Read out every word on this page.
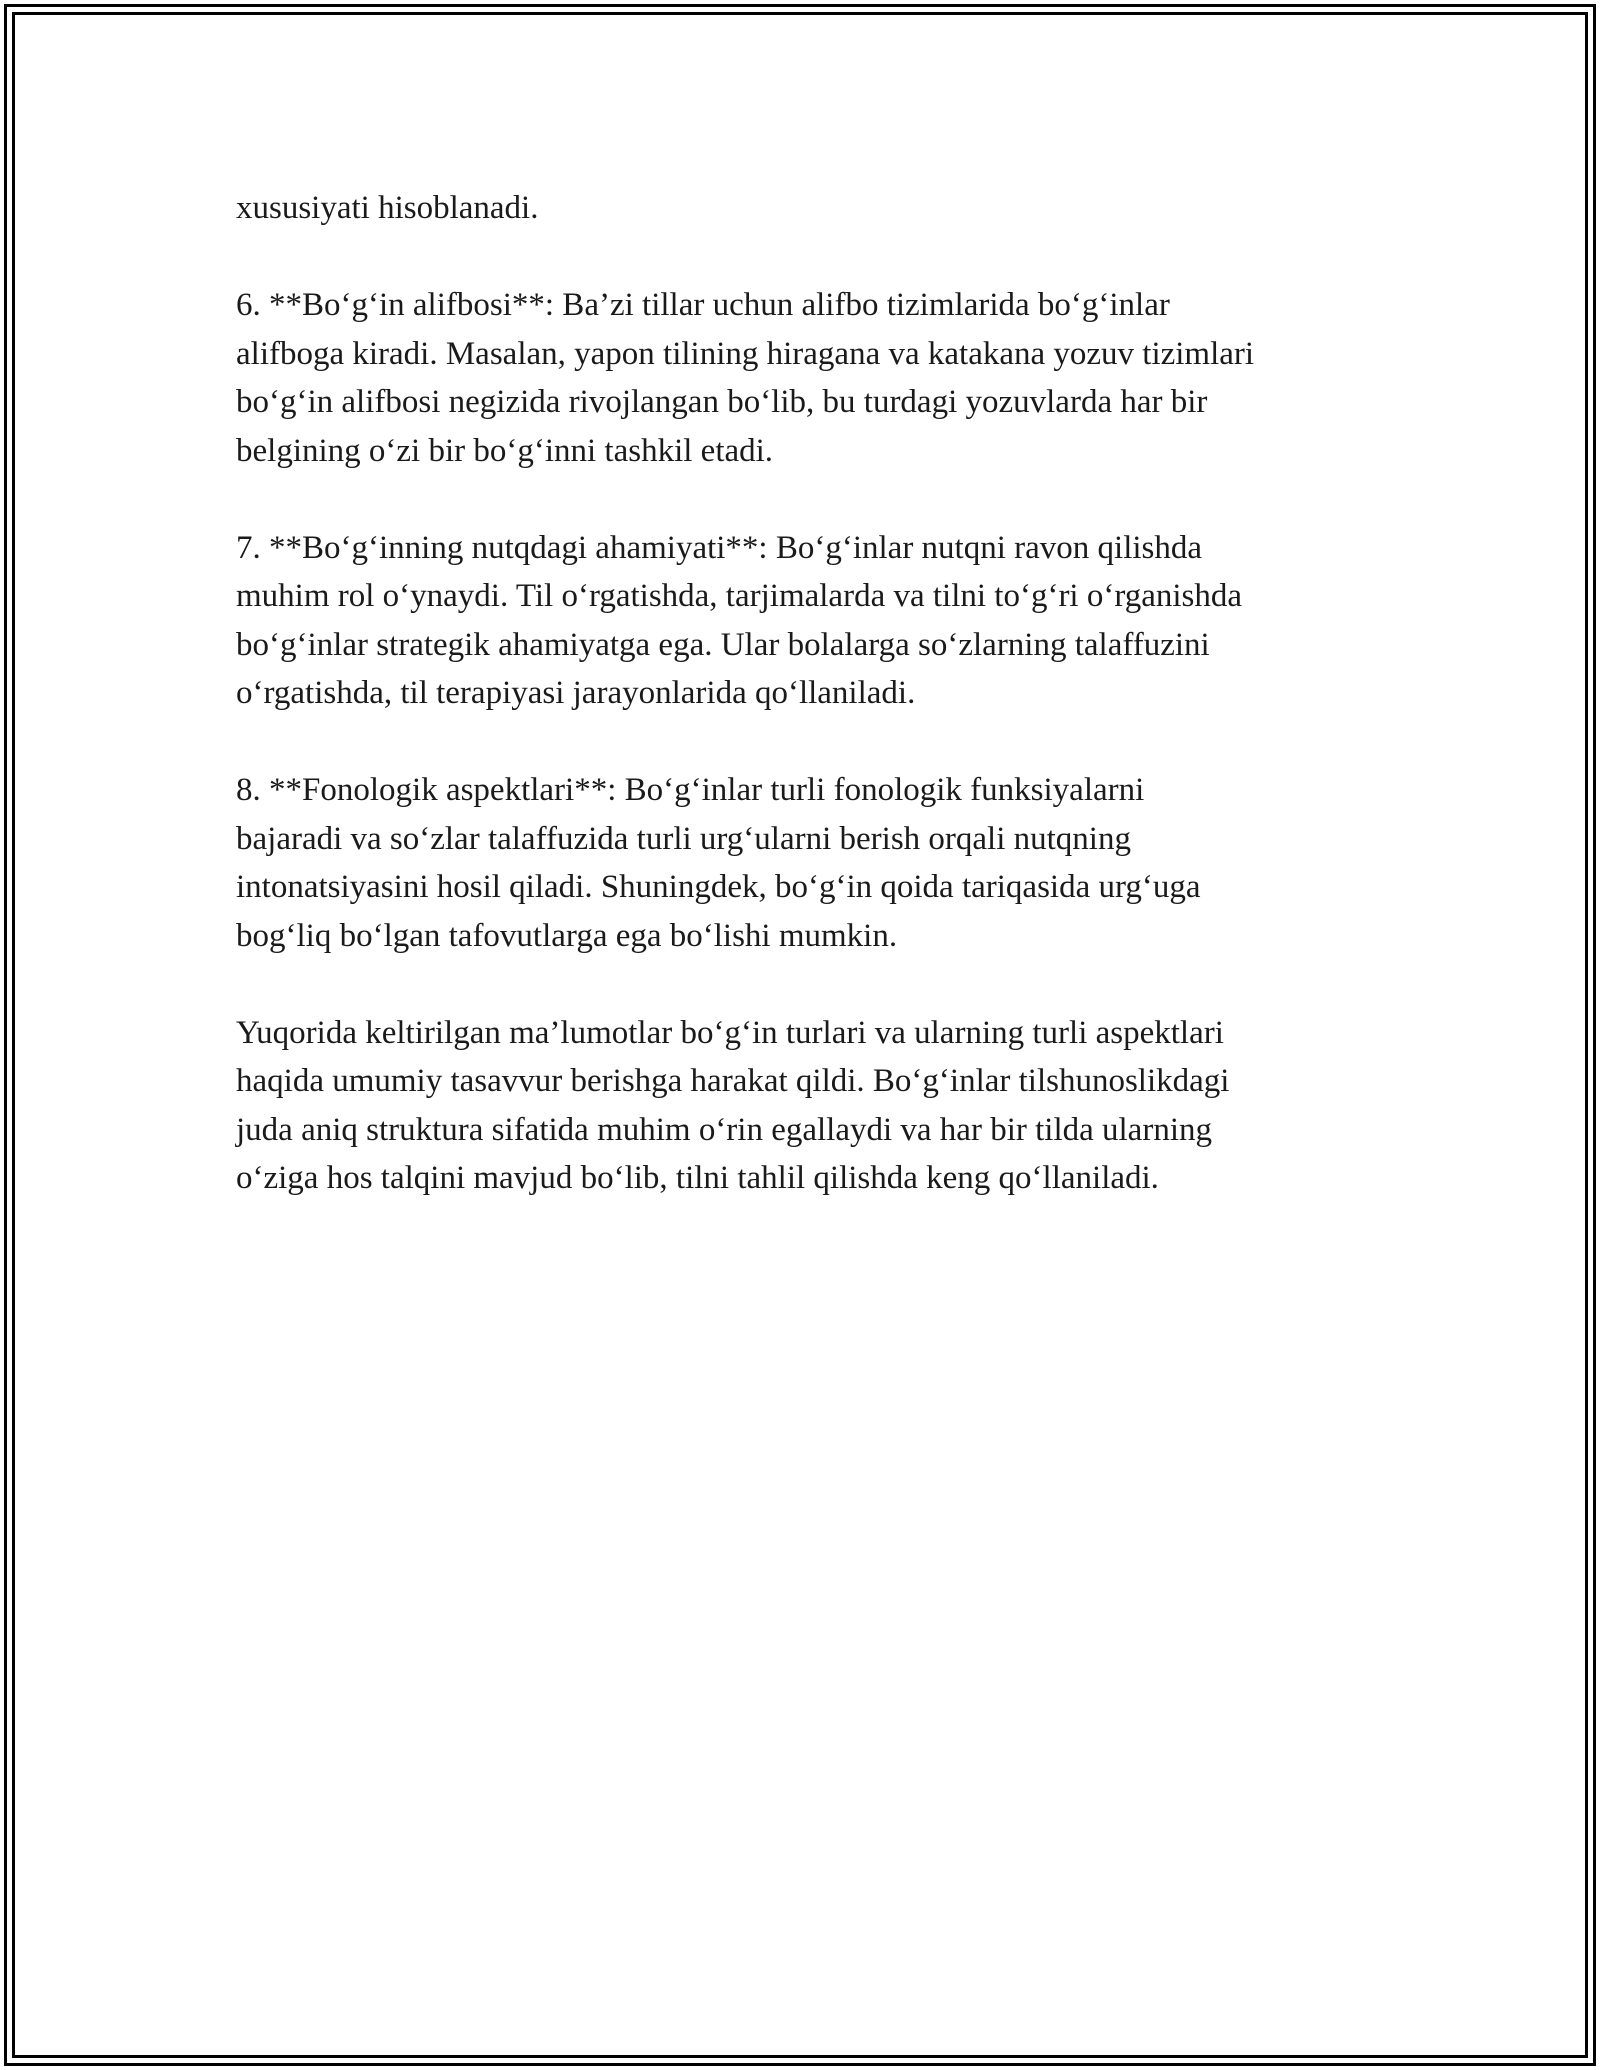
xususiyati hisoblanadi.

6. **Bo‘g‘in alifbosi**: Ba’zi tillar uchun alifbo tizimlarida bo‘g‘inlar
alifboga kiradi. Masalan, yapon tilining hiragana va katakana yozuv tizimlari
bo‘g‘in alifbosi negizida rivojlangan bo‘lib, bu turdagi yozuvlarda har bir
belgining o‘zi bir bo‘g‘inni tashkil etadi.

7. **Bo‘g‘inning nutqdagi ahamiyati**: Bo‘g‘inlar nutqni ravon qilishda
muhim rol o‘ynaydi. Til o‘rgatishda, tarjimalarda va tilni to‘g‘ri o‘rganishda
bo‘g‘inlar strategik ahamiyatga ega. Ular bolalarga so‘zlarning talaffuzini
o‘rgatishda, til terapiyasi jarayonlarida qo‘llaniladi.

8. **Fonologik aspektlari**: Bo‘g‘inlar turli fonologik funksiyalarni
bajaradi va so‘zlar talaffuzida turli urg‘ularni berish orqali nutqning
intonatsiyasini hosil qiladi. Shuningdek, bo‘g‘in qoida tariqasida urg‘uga
bog‘liq bo‘lgan tafovutlarga ega bo‘lishi mumkin.

Yuqorida keltirilgan ma’lumotlar bo‘g‘in turlari va ularning turli aspektlari
haqida umumiy tasavvur berishga harakat qildi. Bo‘g‘inlar tilshunoslikdagi
juda aniq struktura sifatida muhim o‘rin egallaydi va har bir tilda ularning
o‘ziga hos talqini mavjud bo‘lib, tilni tahlil qilishda keng qo‘llaniladi.
